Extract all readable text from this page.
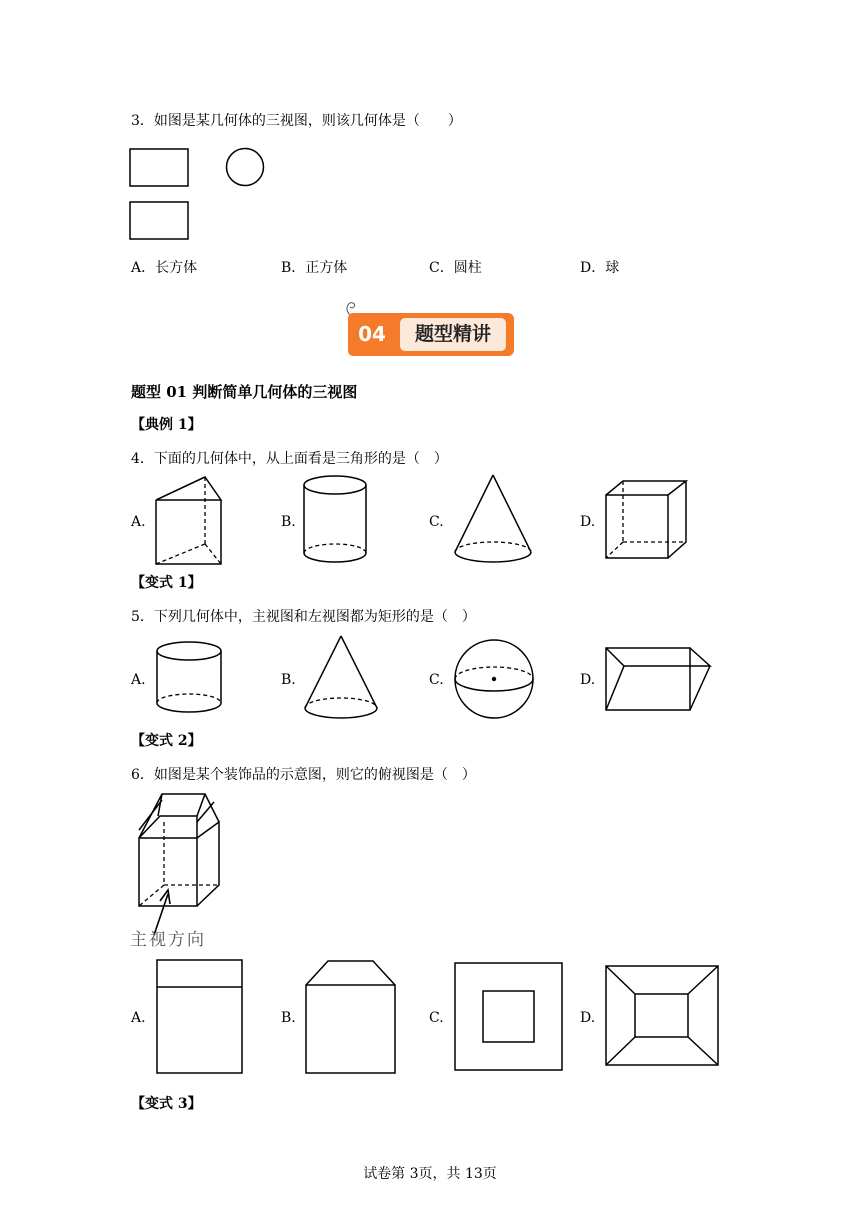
3．如图是某几何体的三视图，则该几何体是（　　）
A．长方体	B．正方体	C．圆柱	D．球
04	题型精讲
题型 01 判断简单几何体的三视图
【典例 1】
4．下面的几何体中，从上面看是三角形的是（　）
A.	B.	C.	D.
【变式 1】
5．下列几何体中，主视图和左视图都为矩形的是（　）
A.	B.	C.	D.
【变式 2】
6．如图是某个装饰品的示意图，则它的俯视图是（　）
主视方向
A.	B.	C.	D.
【变式 3】
试卷第 3页，共 13页
